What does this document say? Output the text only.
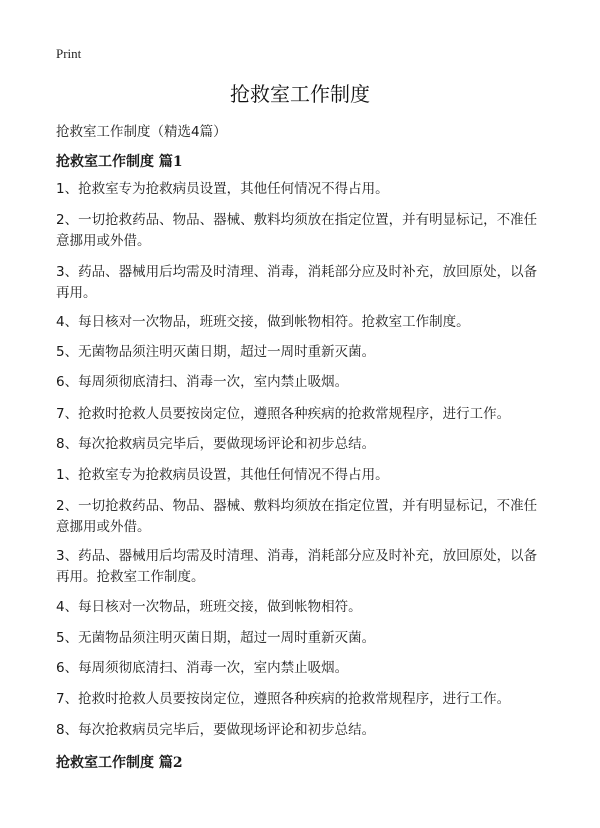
Print
抢救室工作制度

抢救室工作制度（精选4篇）

抢救室工作制度 篇1

1、抢救室专为抢救病员设置，其他任何情况不得占用。

2、一切抢救药品、物品、器械、敷料均须放在指定位置，并有明显标记，不准任意挪用或外借。

3、药品、器械用后均需及时清理、消毒，消耗部分应及时补充，放回原处，以备再用。

4、每日核对一次物品，班班交接，做到帐物相符。抢救室工作制度。

5、无菌物品须注明灭菌日期，超过一周时重新灭菌。

6、每周须彻底清扫、消毒一次，室内禁止吸烟。

7、抢救时抢救人员要按岗定位，遵照各种疾病的抢救常规程序，进行工作。

8、每次抢救病员完毕后，要做现场评论和初步总结。

1、抢救室专为抢救病员设置，其他任何情况不得占用。

2、一切抢救药品、物品、器械、敷料均须放在指定位置，并有明显标记，不准任意挪用或外借。

3、药品、器械用后均需及时清理、消毒，消耗部分应及时补充，放回原处，以备再用。抢救室工作制度。

4、每日核对一次物品，班班交接，做到帐物相符。

5、无菌物品须注明灭菌日期，超过一周时重新灭菌。

6、每周须彻底清扫、消毒一次，室内禁止吸烟。

7、抢救时抢救人员要按岗定位，遵照各种疾病的抢救常规程序，进行工作。

8、每次抢救病员完毕后，要做现场评论和初步总结。

抢救室工作制度 篇2
